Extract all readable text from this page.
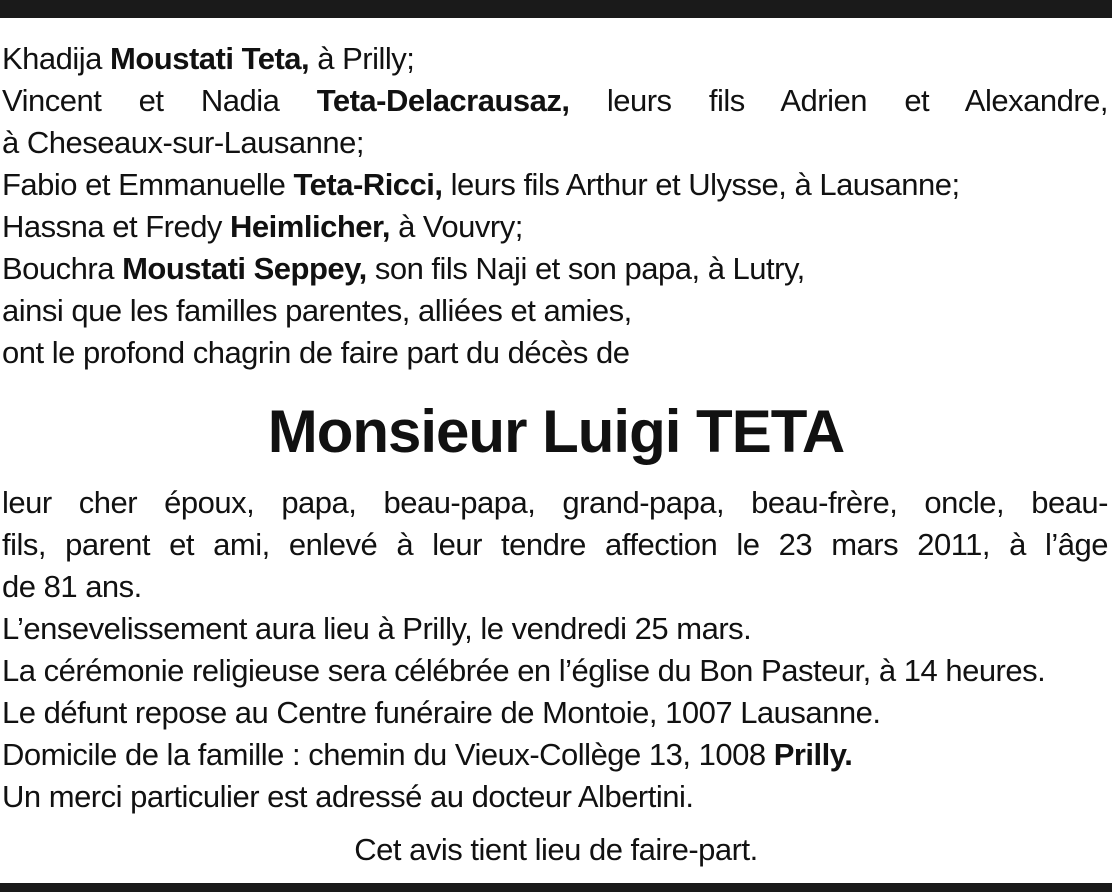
Khadija Moustati Teta, à Prilly;
Vincent et Nadia Teta-Delacrausaz, leurs fils Adrien et Alexandre,
à Cheseaux-sur-Lausanne;
Fabio et Emmanuelle Teta-Ricci, leurs fils Arthur et Ulysse, à Lausanne;
Hassna et Fredy Heimlicher, à Vouvry;
Bouchra Moustati Seppey, son fils Naji et son papa, à Lutry,
ainsi que les familles parentes, alliées et amies,
ont le profond chagrin de faire part du décès de
Monsieur Luigi TETA
leur cher époux, papa, beau-papa, grand-papa, beau-frère, oncle, beau-
fils, parent et ami, enlevé à leur tendre affection le 23 mars 2011, à l’âge
de 81 ans.
L’ensevelissement aura lieu à Prilly, le vendredi 25 mars.
La cérémonie religieuse sera célébrée en l’église du Bon Pasteur, à 14 heures.
Le défunt repose au Centre funéraire de Montoie, 1007 Lausanne.
Domicile de la famille : chemin du Vieux-Collège 13, 1008 Prilly.
Un merci particulier est adressé au docteur Albertini.
Cet avis tient lieu de faire-part.
